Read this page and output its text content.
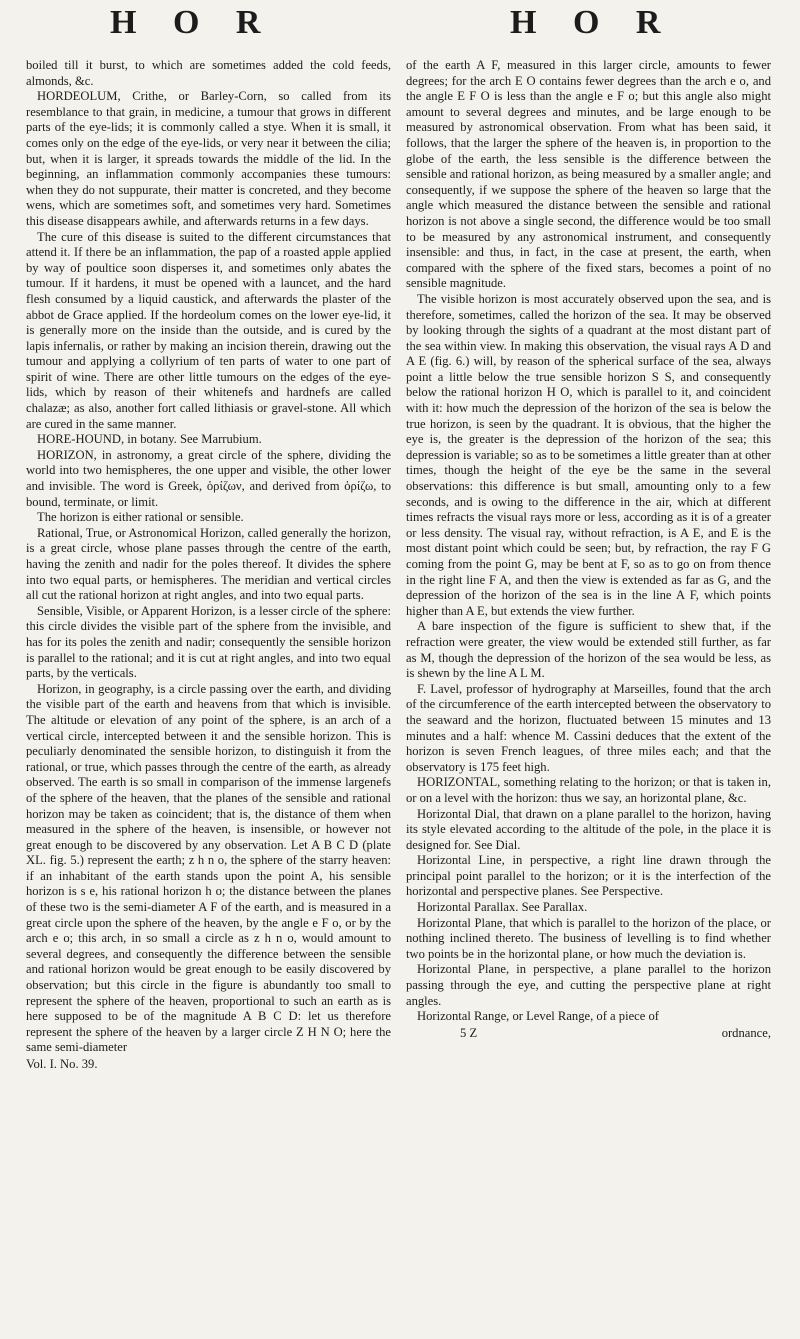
H O R	H O R

boiled till it burst, to which are sometimes added the cold feeds, almonds, &c.

HORDEOLUM, Crithe, or Barley-Corn, so called from its resemblance to that grain, in medicine, a tumour that grows in different parts of the eye-lids; it is commonly called a stye. When it is small, it comes only on the edge of the eye-lids, or very near it between the cilia; but, when it is larger, it spreads towards the middle of the lid. In the beginning, an inflammation commonly accompanies these tumours: when they do not suppurate, their matter is concreted, and they become wens, which are sometimes soft, and sometimes very hard. Sometimes this disease disappears awhile, and afterwards returns in a few days.

The cure of this disease is suited to the different circumstances that attend it. If there be an inflammation, the pap of a roasted apple applied by way of poultice soon disperses it, and sometimes only abates the tumour. If it hardens, it must be opened with a launcet, and the hard flesh consumed by a liquid caustick, and afterwards the plaster of the abbot de Grace applied. If the hordeolum comes on the lower eye-lid, it is generally more on the inside than the outside, and is cured by the lapis infernalis, or rather by making an incision therein, drawing out the tumour and applying a collyrium of ten parts of water to one part of spirit of wine. There are other little tumours on the edges of the eye-lids, which by reason of their whitenefs and hardnefs are called chalazæ; as also, another fort called lithiasis or gravel-stone. All which are cured in the same manner.

HORE-HOUND, in botany. See Marrubium.

HORIZON, in astronomy, a great circle of the sphere, dividing the world into two hemispheres, the one upper and visible, the other lower and invisible. The word is Greek, ὁρίζων, and derived from ὁρίζω, to bound, terminate, or limit.

The horizon is either rational or sensible.

Rational, True, or Astronomical Horizon, called generally the horizon, is a great circle, whose plane passes through the centre of the earth, having the zenith and nadir for the poles thereof. It divides the sphere into two equal parts, or hemispheres. The meridian and vertical circles all cut the rational horizon at right angles, and into two equal parts.

Sensible, Visible, or Apparent Horizon, is a lesser circle of the sphere: this circle divides the visible part of the sphere from the invisible, and has for its poles the zenith and nadir; consequently the sensible horizon is parallel to the rational; and it is cut at right angles, and into two equal parts, by the verticals.

Horizon, in geography, is a circle passing over the earth, and dividing the visible part of the earth and heavens from that which is invisible. The altitude or elevation of any point of the sphere, is an arch of a vertical circle, intercepted between it and the sensible horizon. This is peculiarly denominated the sensible horizon, to distinguish it from the rational, or true, which passes through the centre of the earth, as already observed. The earth is so small in comparison of the immense largenefs of the sphere of the heaven, that the planes of the sensible and rational horizon may be taken as coincident; that is, the distance of them when measured in the sphere of the heaven, is insensible, or however not great enough to be discovered by any observation. Let A B C D (plate XL. fig. 5.) represent the earth; z h n o, the sphere of the starry heaven: if an inhabitant of the earth stands upon the point A, his sensible horizon is s e, his rational horizon h o; the distance between the planes of these two is the semi-diameter A F of the earth, and is measured in a great circle upon the sphere of the heaven, by the angle e F o, or by the arch e o; this arch, in so small a circle as z h n o, would amount to several degrees, and consequently the difference between the sensible and rational horizon would be great enough to be easily discovered by observation; but this circle in the figure is abundantly too small to represent the sphere of the heaven, proportional to such an earth as is here supposed to be of the magnitude A B C D: let us therefore represent the sphere of the heaven by a larger circle Z H N O; here the same semi-diameter

Vol. I. No. 39.

of the earth A F, measured in this larger circle, amounts to fewer degrees; for the arch E O contains fewer degrees than the arch e o, and the angle E F O is less than the angle e F o; but this angle also might amount to several degrees and minutes, and be large enough to be measured by astronomical observation. From what has been said, it follows, that the larger the sphere of the heaven is, in proportion to the globe of the earth, the less sensible is the difference between the sensible and rational horizon, as being measured by a smaller angle; and consequently, if we suppose the sphere of the heaven so large that the angle which measured the distance between the sensible and rational horizon is not above a single second, the difference would be too small to be measured by any astronomical instrument, and consequently insensible: and thus, in fact, in the case at present, the earth, when compared with the sphere of the fixed stars, becomes a point of no sensible magnitude.

The visible horizon is most accurately observed upon the sea, and is therefore, sometimes, called the horizon of the sea. It may be observed by looking through the sights of a quadrant at the most distant part of the sea within view. In making this observation, the visual rays A D and A E (fig. 6.) will, by reason of the spherical surface of the sea, always point a little below the true sensible horizon S S, and consequently below the rational horizon H O, which is parallel to it, and coincident with it: how much the depression of the horizon of the sea is below the true horizon, is seen by the quadrant. It is obvious, that the higher the eye is, the greater is the depression of the horizon of the sea; this depression is variable; so as to be sometimes a little greater than at other times, though the height of the eye be the same in the several observations: this difference is but small, amounting only to a few seconds, and is owing to the difference in the air, which at different times refracts the visual rays more or less, according as it is of a greater or less density. The visual ray, without refraction, is A E, and E is the most distant point which could be seen; but, by refraction, the ray F G coming from the point G, may be bent at F, so as to go on from thence in the right line F A, and then the view is extended as far as G, and the depression of the horizon of the sea is in the line A F, which points higher than A E, but extends the view further.

A bare inspection of the figure is sufficient to shew that, if the refraction were greater, the view would be extended still further, as far as M, though the depression of the horizon of the sea would be less, as is shewn by the line A L M.

F. Lavel, professor of hydrography at Marseilles, found that the arch of the circumference of the earth intercepted between the observatory to the seaward and the horizon, fluctuated between 15 minutes and 13 minutes and a half: whence M. Cassini deduces that the extent of the horizon is seven French leagues, of three miles each; and that the observatory is 175 feet high.

HORIZONTAL, something relating to the horizon; or that is taken in, or on a level with the horizon: thus we say, an horizontal plane, &c.

Horizontal Dial, that drawn on a plane parallel to the horizon, having its style elevated according to the altitude of the pole, in the place it is designed for. See Dial.

Horizontal Line, in perspective, a right line drawn through the principal point parallel to the horizon; or it is the interfection of the horizontal and perspective planes. See Perspective.

Horizontal Parallax. See Parallax.

Horizontal Plane, that which is parallel to the horizon of the place, or nothing inclined thereto. The business of levelling is to find whether two points be in the horizontal plane, or how much the deviation is.

Horizontal Plane, in perspective, a plane parallel to the horizon passing through the eye, and cutting the perspective plane at right angles.

Horizontal Range, or Level Range, of a piece of

5 Z	ordnance,
